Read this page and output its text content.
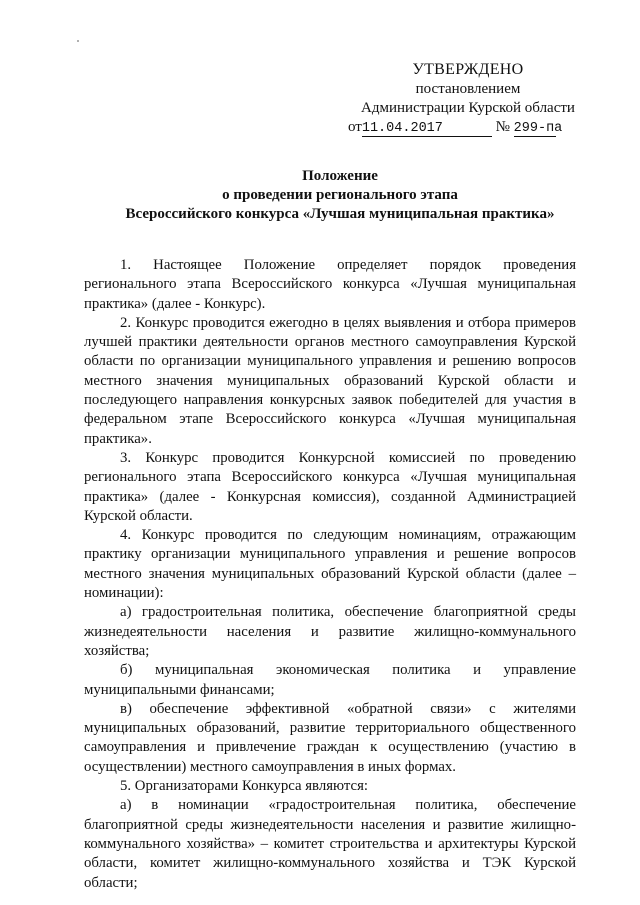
УТВЕРЖДЕНО
постановлением
Администрации Курской области
от11.04.2017	№ 299-па
Положение
о проведении регионального этапа
Всероссийского конкурса «Лучшая муниципальная практика»

1. Настоящее Положение определяет порядок проведения регионального этапа Всероссийского конкурса «Лучшая муниципальная практика» (далее - Конкурс).

2. Конкурс проводится ежегодно в целях выявления и отбора примеров лучшей практики деятельности органов местного самоуправления Курской области по организации муниципального управления и решению вопросов местного значения муниципальных образований Курской области и последующего направления конкурсных заявок победителей для участия в федеральном этапе Всероссийского конкурса «Лучшая муниципальная практика».

3. Конкурс проводится Конкурсной комиссией по проведению регионального этапа Всероссийского конкурса «Лучшая муниципальная практика» (далее - Конкурсная комиссия), созданной Администрацией Курской области.

4. Конкурс проводится по следующим номинациям, отражающим практику организации муниципального управления и решение вопросов местного значения муниципальных образований Курской области (далее – номинации):

а) градостроительная политика, обеспечение благоприятной среды жизнедеятельности населения и развитие жилищно-коммунального хозяйства;

б) муниципальная экономическая политика и управление муниципальными финансами;

в) обеспечение эффективной «обратной связи» с жителями муниципальных образований, развитие территориального общественного самоуправления и привлечение граждан к осуществлению (участию в осуществлении) местного самоуправления в иных формах.

5. Организаторами Конкурса являются:

а) в номинации «градостроительная политика, обеспечение благоприятной среды жизнедеятельности населения и развитие жилищно-коммунального хозяйства» – комитет строительства и архитектуры Курской области, комитет жилищно-коммунального хозяйства и ТЭК Курской области;
